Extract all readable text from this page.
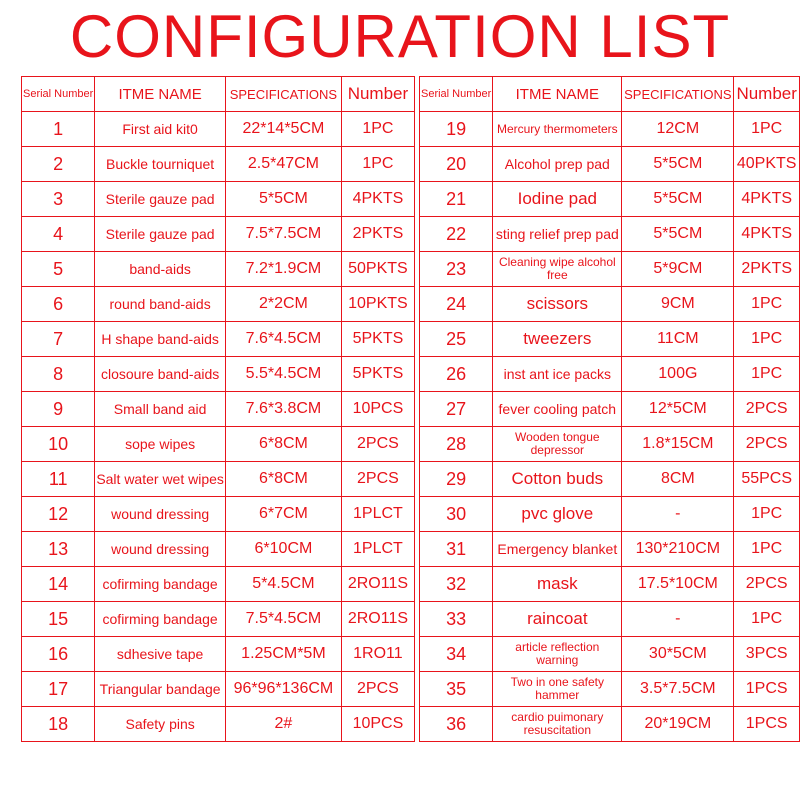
CONFIGURATION LIST
Serial Number	ITME NAME	SPECIFICATIONS	Number
1	First aid kit0	22*14*5CM	1PC
2	Buckle tourniquet	2.5*47CM	1PC
3	Sterile gauze pad	5*5CM	4PKTS
4	Sterile gauze pad	7.5*7.5CM	2PKTS
5	band-aids	7.2*1.9CM	50PKTS
6	round band-aids	2*2CM	10PKTS
7	H shape band-aids	7.6*4.5CM	5PKTS
8	closoure band-aids	5.5*4.5CM	5PKTS
9	Small band aid	7.6*3.8CM	10PCS
10	sope wipes	6*8CM	2PCS
11	Salt water wet wipes	6*8CM	2PCS
12	wound dressing	6*7CM	1PLCT
13	wound dressing	6*10CM	1PLCT
14	cofirming bandage	5*4.5CM	2RO11S
15	cofirming bandage	7.5*4.5CM	2RO11S
16	sdhesive tape	1.25CM*5M	1RO11
17	Triangular bandage	96*96*136CM	2PCS
18	Safety pins	2#	10PCS
Serial Number	ITME NAME	SPECIFICATIONS	Number
19	Mercury thermometers	12CM	1PC
20	Alcohol prep pad	5*5CM	40PKTS
21	Iodine pad	5*5CM	4PKTS
22	sting relief prep pad	5*5CM	4PKTS
23	Cleaning wipe alcohol free	5*9CM	2PKTS
24	scissors	9CM	1PC
25	tweezers	11CM	1PC
26	inst ant ice packs	100G	1PC
27	fever cooling patch	12*5CM	2PCS
28	Wooden tongue depressor	1.8*15CM	2PCS
29	Cotton buds	8CM	55PCS
30	pvc glove	-	1PC
31	Emergency blanket	130*210CM	1PC
32	mask	17.5*10CM	2PCS
33	raincoat	-	1PC
34	article reflection warning	30*5CM	3PCS
35	Two in one safety hammer	3.5*7.5CM	1PCS
36	cardio puimonary resuscitation	20*19CM	1PCS
